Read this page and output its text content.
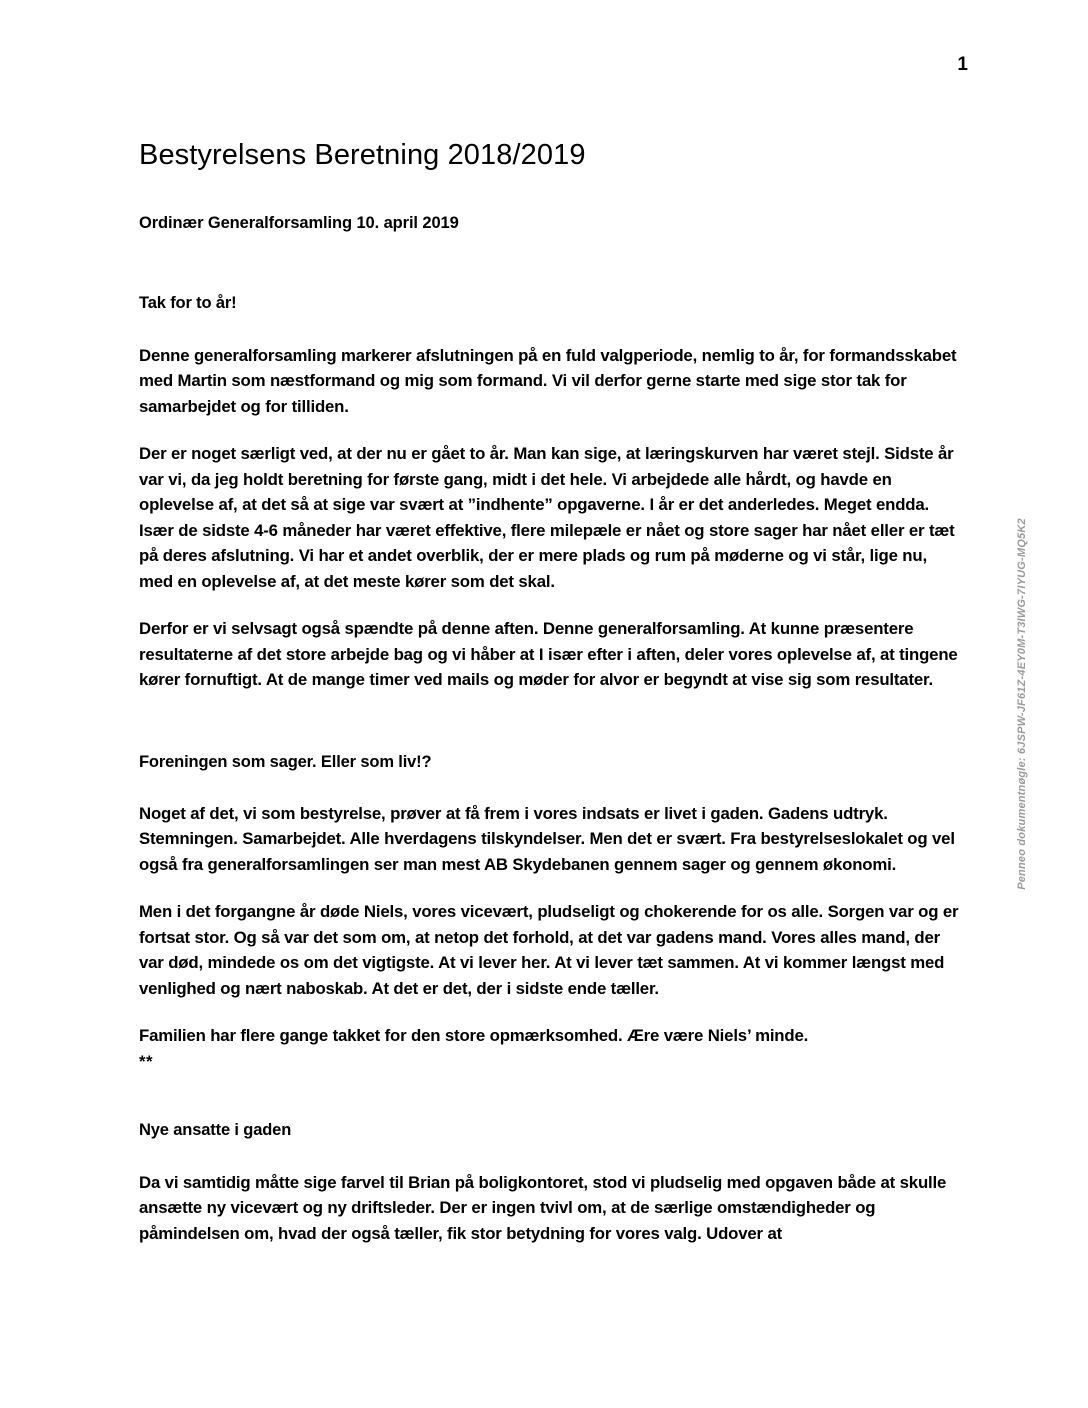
1
Bestyrelsens Beretning 2018/2019
Ordinær Generalforsamling 10. april 2019
Tak for to år!

Denne generalforsamling markerer afslutningen på en fuld valgperiode, nemlig to år, for formandsskabet med Martin som næstformand og mig som formand. Vi vil derfor gerne starte med sige stor tak for samarbejdet og for tilliden.

Der er noget særligt ved, at der nu er gået to år. Man kan sige, at læringskurven har været stejl. Sidste år var vi, da jeg holdt beretning for første gang, midt i det hele. Vi arbejdede alle hårdt, og havde en oplevelse af, at det så at sige var svært at ”indhente” opgaverne. I år er det anderledes. Meget endda. Især de sidste 4-6 måneder har været effektive, flere milepæle er nået og store sager har nået eller er tæt på deres afslutning. Vi har et andet overblik, der er mere plads og rum på møderne og vi står, lige nu, med en oplevelse af, at det meste kører som det skal.

Derfor er vi selvsagt også spændte på denne aften. Denne generalforsamling. At kunne præsentere resultaterne af det store arbejde bag og vi håber at I især efter i aften, deler vores oplevelse af, at tingene kører fornuftigt. At de mange timer ved mails og møder for alvor er begyndt at vise sig som resultater.

Foreningen som sager. Eller som liv!?

Noget af det, vi som bestyrelse, prøver at få frem i vores indsats er livet i gaden. Gadens udtryk. Stemningen. Samarbejdet. Alle hverdagens tilskyndelser. Men det er svært. Fra bestyrelseslokalet og vel også fra generalforsamlingen ser man mest AB Skydebanen gennem sager og gennem økonomi.

Men i det forgangne år døde Niels, vores vicevært, pludseligt og chokerende for os alle. Sorgen var og er fortsat stor. Og så var det som om, at netop det forhold, at det var gadens mand. Vores alles mand, der var død, mindede os om det vigtigste. At vi lever her. At vi lever tæt sammen. At vi kommer længst med venlighed og nært naboskab. At det er det, der i sidste ende tæller.

Familien har flere gange takket for den store opmærksomhed. Ære være Niels’ minde.

**
Nye ansatte i gaden

Da vi samtidig måtte sige farvel til Brian på boligkontoret, stod vi pludselig med opgaven både at skulle ansætte ny vicevært og ny driftsleder. Der er ingen tvivl om, at de særlige omstændigheder og påmindelsen om, hvad der også tæller, fik stor betydning for vores valg. Udover at

Penneo dokumentnøgle: 6JSPW-JF61Z-4EY0M-T3IWG-7IYUG-MQ5K2
